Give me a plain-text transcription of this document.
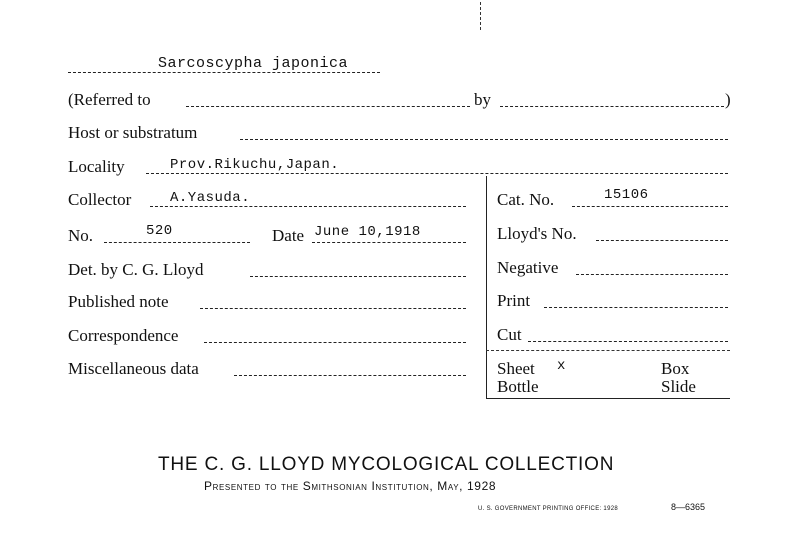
Sarcoscypha japonica
(Referred to	by	)
Host or substratum
Locality	Prov.Rikuchu,Japan.
Collector	A.Yasuda.
No.	520	Date June 10,1918
Det. by C. G. Lloyd
Published note
Correspondence
Miscellaneous data
Cat. No.	15106
Lloyd's No.
Negative
Print
Cut
Sheet x	Box
Bottle	Slide
THE C. G. LLOYD MYCOLOGICAL COLLECTION
Presented to the Smithsonian Institution, May, 1928
U. S. GOVERNMENT PRINTING OFFICE: 1928	8—6365
